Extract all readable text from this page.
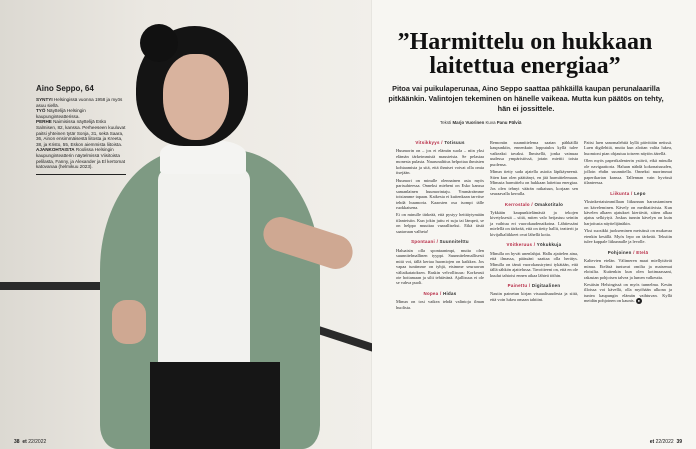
Aino Seppo, 64
SYNTYI Helsingissä vuonna 1958 ja myös asuu siellä.
TYÖ Näyttelijä Helsingin kaupunginteatterissa.
PERHE Naimisissa näyttelijä Esko Salmisen, 82, kanssa. Perheeseen kuuluvat paitsi yhteinen tytär Sonja, 31, sekä Saara, 36, Ainon ensimmäisestä liitosta ja Kreeta, 38, ja Kristo, 55, Eskon aiemmista liitoista.
AJANKOHTAISTA Roolissa Helsingin kaupunginteatterin näytelmissä Viisitoista pelilasta, Fanny, ja Alexander ja El kertomat katovanaa (helmikuu 2023).
38 et 22/2022
”Harmittelu on hukkaan laitettua energiaa”

Pitoa vai puikulaperunaa, Aino Seppo saattaa pähkäillä kaupan perunalaarilla pitkäänkin. Valintojen tekeminen on hänelle vaikeaa. Mutta kun päätös on tehty, hän ei jossittele.

Teksti Marjo Vuorinen Kuva Panu Pälviä
Vitsikkyys / Totisuus

Huumorin on – jos ei elämän suola – niin yksi elämän tärkeimmistä mausteista. Se pelastaa monesta pulasta. Naurunalttius helpottaa ihmisten kohtaamista ja sitä, että ihmiset voivat olla omia itsejään.

Huumori on minulle olennainen asia myös parisuhteessa. Onneksi mieheni on Esko kanssa samanlainen huumorintaju. Ymmärrämme toisiamme tapaan. Kaikesta ei kuitenkaan tarvitse tehdä huumoria. Kaaosten osa isompi tälle ruokkaisena.

Ei on minulle tärkeää, että pystyy heittäytymään tilanteisiin. Kun jokin juttu ei suju tai lämpeä, se on helppo muuttaa vaaralliseksi. Eikä tästä saatavaan valheta!

Spontaani / Suunnitelttu

Haluaisin olla spontaanimpi, mutta olen suunnitelmallinen tyyppi. Suunnitelemallisesti mitä voi, tällä kertaa huomiojen on kaikkea. Jos vapaa tuntimme on tyhjä, etsimme seuraavan väliaikatatoksen. Raskin velvollisuus: Korkeasti ote hoitamaan ja silti tehtävänä. Ajallisuus ei ole se vahva puoli.

Nopea / Hidas

Minun on tosi vaikea tehdä valintoja ilman huolista.

Remontin suunnittelema saatan pähkäillä kaupunkiin, ennenkuin lopputulos kyllä tulee vaikeaksi tavaksi. Ihmisellä, jonka vainuaa uudessa ympäristössä, jotain miettii toista puolensa.

Minun tietty sada ajatella asioita läpikäyneenä. Siten kun olen päättänyt, en jää harmittelemaan. Minusta harmittelu on hukkaan laitettua energiaa. Jos olen tehnyt väärän ratkaisun, korjaan sen seuraavalla kerralla.

Kerrostalo / Omakotitalo

Tykkään kaupunkielämästä ja tekojen kivetyksestä – siitä, miten valo heijastuu seiniin ja vaihtuu eri vuorokaudenaikoina. Lähtiessäni mielellä on tärkeää, että on tietty hallit, teatterit ja kivijalkaliikkeet ovat lähellä kotia.

Vöitkeruus / Yökukkuja

Minulla on hyvät unenlahjat. Hallu ajattelen aina, että ilmassa, päässäni saattaa olla herätys. Minulla on tämä vuorokausirytmi tykätään, että tällä sähkön ajattelussa. Tavoitteeni on, että en ole kuulut tahtoisi ennen aikaa lähteä töihin.

Painettu / Digitaalinen

Nautin painetun kirjan visuaalisuudesta ja siitä, että voin lukea omaan tahtiini.

Paitsi luen sanomalehtiä kyllä päivittäin netissä. Luen digilehtiä, mutta kun aloitan valita lukea, huomioni pian ohjautuu toiseen näytön äärellä.

Olen myös paperikalenterin ystävä, eikä minulla ole navigaattoria. Haluan nähdä kokonaisuuden, jolloin ehdin suunnitella. Onneksi nuorimmat paperikartan kanssa. Tallennan vain hyvässä tilanteessa.

Liikunta / Lepo

Yksinkertaisimmillaan liikunnan harrastaminen on käveleminen. Kävely on meditatiivista. Kun kävelen alkaen ajatukset kiertävät, sitten alkaa ajatus selkiytyä. Joskus tunnin kävelyn on kuin harjoitusta näyttelijänäkin.

Yksi suosikki juokseminen metsässä on mukavaa etenkin kesällä. Myös lepo on tärkeää. Tekstiin tulee kappale liikunnalle ja levolle.

Pohjoinen / Etelä

Kaltevien etelän. Välimeren maat miellyttävät minua. Eteläsä tuntuvat omilta ja maisemat eloisilta. Kuitenkin kun olen kotimaassani, rakastan pohjoisen talvea ja lumen valkeutta.

Kesäisin Helsingissä on myös tunnelma. Kesän illoissa voi kävellä, olla myöhään ulkona ja tuntea kaupungin elämän vaihtuvan. Kyllä meidän pohjoinen on kaunis. ●

et 22/2022 39
